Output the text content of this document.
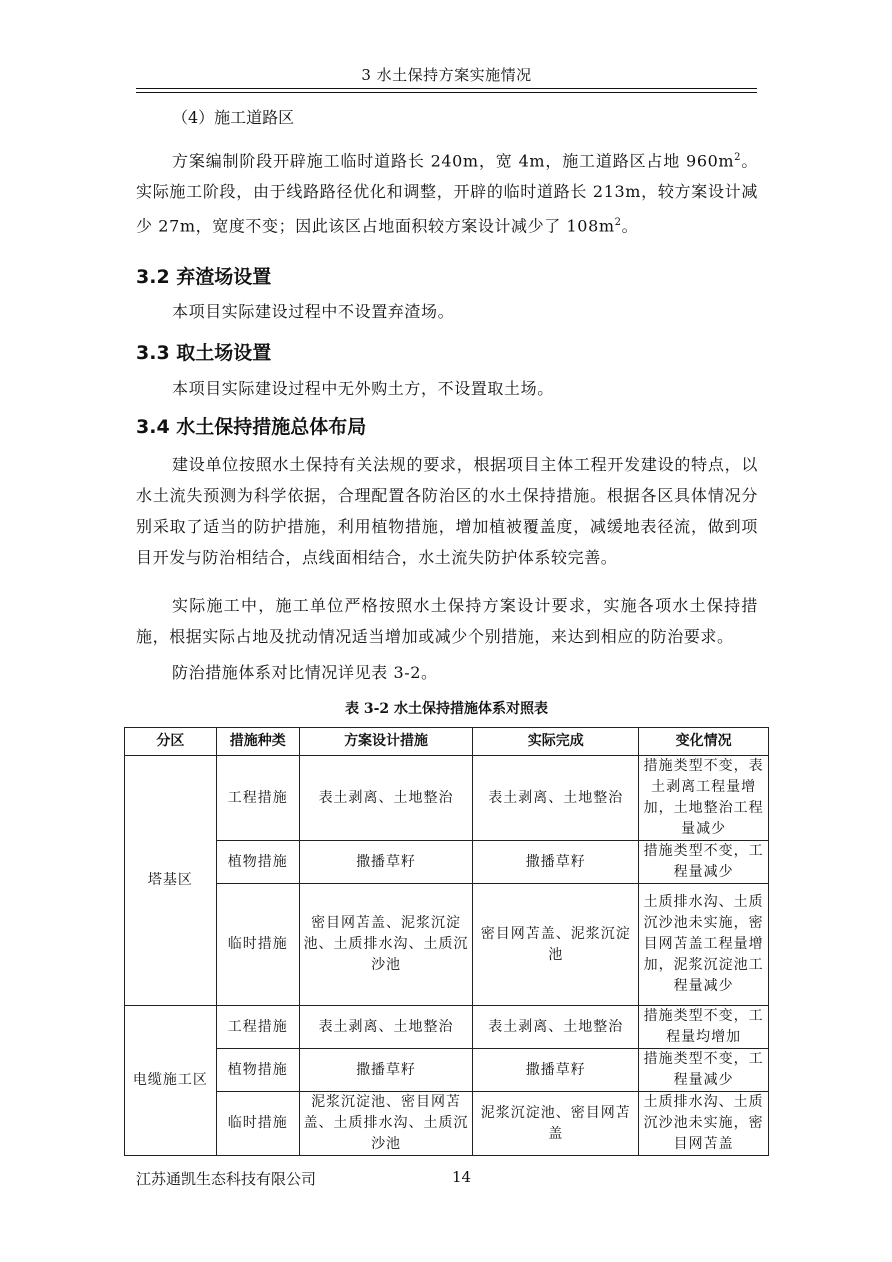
3 水土保持方案实施情况
（4）施工道路区

方案编制阶段开辟施工临时道路长 240m，宽 4m，施工道路区占地 $960m^2$。实际施工阶段，由于线路路径优化和调整，开辟的临时道路长 213m，较方案设计减少 27m，宽度不变；因此该区占地面积较方案设计减少了 $108m^2$。

3.2 弃渣场设置

本项目实际建设过程中不设置弃渣场。

3.3 取土场设置

本项目实际建设过程中无外购土方，不设置取土场。

3.4 水土保持措施总体布局

建设单位按照水土保持有关法规的要求，根据项目主体工程开发建设的特点，以水土流失预测为科学依据，合理配置各防治区的水土保持措施。根据各区具体情况分别采取了适当的防护措施，利用植物措施，增加植被覆盖度，减缓地表径流，做到项目开发与防治相结合，点线面相结合，水土流失防护体系较完善。

实际施工中，施工单位严格按照水土保持方案设计要求，实施各项水土保持措施，根据实际占地及扰动情况适当增加或减少个别措施，来达到相应的防治要求。

防治措施体系对比情况详见表 3-2。

表 3-2 水土保持措施体系对照表
分区	措施种类	方案设计措施	实际完成	变化情况
塔基区	工程措施	表土剥离、土地整治	表土剥离、土地整治	措施类型不变，表土剥离工程量增加，土地整治工程量减少
	植物措施	撒播草籽	撒播草籽	措施类型不变，工程量减少
	临时措施	密目网苫盖、泥浆沉淀池、土质排水沟、土质沉沙池	密目网苫盖、泥浆沉淀池	土质排水沟、土质沉沙池未实施，密目网苫盖工程量增加，泥浆沉淀池工程量减少
电缆施工区	工程措施	表土剥离、土地整治	表土剥离、土地整治	措施类型不变，工程量均增加
	植物措施	撒播草籽	撒播草籽	措施类型不变，工程量减少
	临时措施	泥浆沉淀池、密目网苫盖、土质排水沟、土质沉沙池	泥浆沉淀池、密目网苫盖	土质排水沟、土质沉沙池未实施，密目网苫盖
江苏通凯生态科技有限公司	14
